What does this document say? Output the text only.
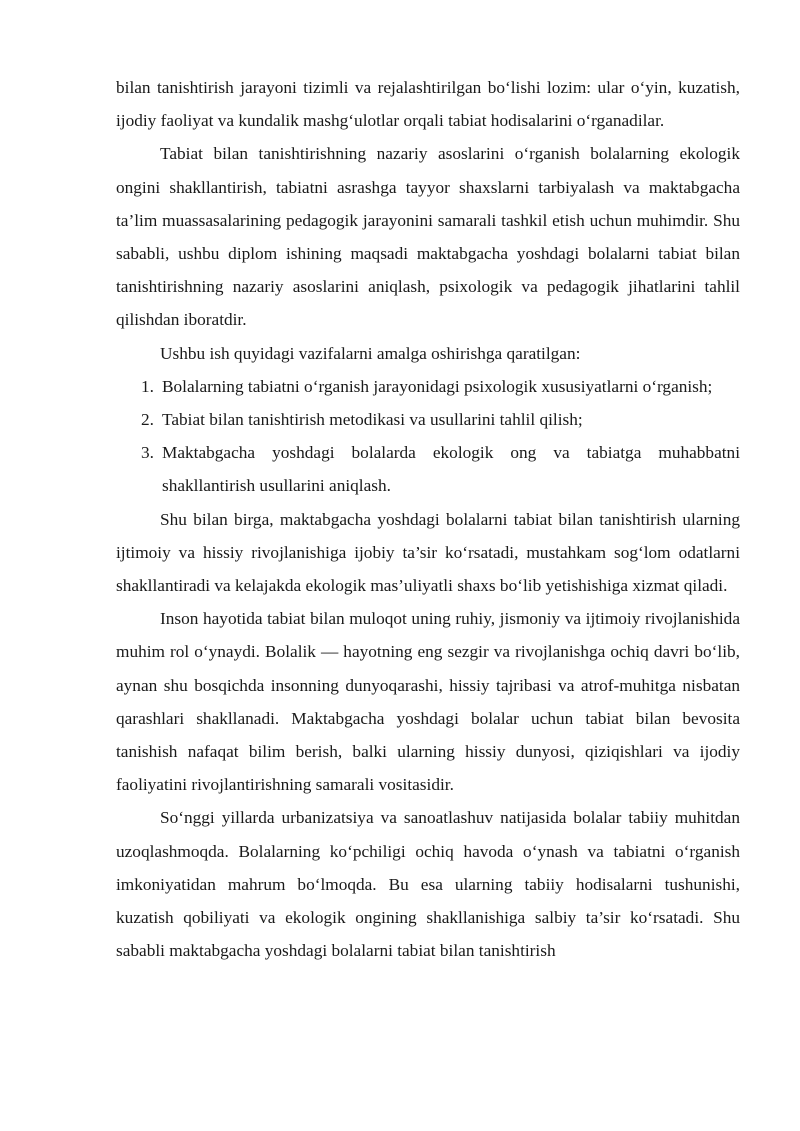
bilan tanishtirish jarayoni tizimli va rejalashtirilgan bo‘lishi lozim: ular o‘yin, kuzatish, ijodiy faoliyat va kundalik mashg‘ulotlar orqali tabiat hodisalarini o‘rganadilar.

Tabiat bilan tanishtirishning nazariy asoslarini o‘rganish bolalarning ekologik ongini shakllantirish, tabiatni asrashga tayyor shaxslarni tarbiyalash va maktabgacha ta’lim muassasalarining pedagogik jarayonini samarali tashkil etish uchun muhimdir. Shu sababli, ushbu diplom ishining maqsadi maktabgacha yoshdagi bolalarni tabiat bilan tanishtirishning nazariy asoslarini aniqlash, psixologik va pedagogik jihatlarini tahlil qilishdan iboratdir.

Ushbu ish quyidagi vazifalarni amalga oshirishga qaratilgan:

1. Bolalarning tabiatni o‘rganish jarayonidagi psixologik xususiyatlarni o‘rganish;
2. Tabiat bilan tanishtirish metodikasi va usullarini tahlil qilish;
3. Maktabgacha yoshdagi bolalarda ekologik ong va tabiatga muhabbatni shakllantirish usullarini aniqlash.

Shu bilan birga, maktabgacha yoshdagi bolalarni tabiat bilan tanishtirish ularning ijtimoiy va hissiy rivojlanishiga ijobiy ta’sir ko‘rsatadi, mustahkam sog‘lom odatlarni shakllantiradi va kelajakda ekologik mas’uliyatli shaxs bo‘lib yetishishiga xizmat qiladi.

Inson hayotida tabiat bilan muloqot uning ruhiy, jismoniy va ijtimoiy rivojlanishida muhim rol o‘ynaydi. Bolalik — hayotning eng sezgir va rivojlanishga ochiq davri bo‘lib, aynan shu bosqichda insonning dunyoqarashi, hissiy tajribasi va atrof-muhitga nisbatan qarashlari shakllanadi. Maktabgacha yoshdagi bolalar uchun tabiat bilan bevosita tanishish nafaqat bilim berish, balki ularning hissiy dunyosi, qiziqishlari va ijodiy faoliyatini rivojlantirishning samarali vositasidir.

So‘nggi yillarda urbanizatsiya va sanoatlashuv natijasida bolalar tabiiy muhitdan uzoqlashmoqda. Bolalarning ko‘pchiligi ochiq havoda o‘ynash va tabiatni o‘rganish imkoniyatidan mahrum bo‘lmoqda. Bu esa ularning tabiiy hodisalarni tushunishi, kuzatish qobiliyati va ekologik ongining shakllanishiga salbiy ta’sir ko‘rsatadi. Shu sababli maktabgacha yoshdagi bolalarni tabiat bilan tanishtirish
